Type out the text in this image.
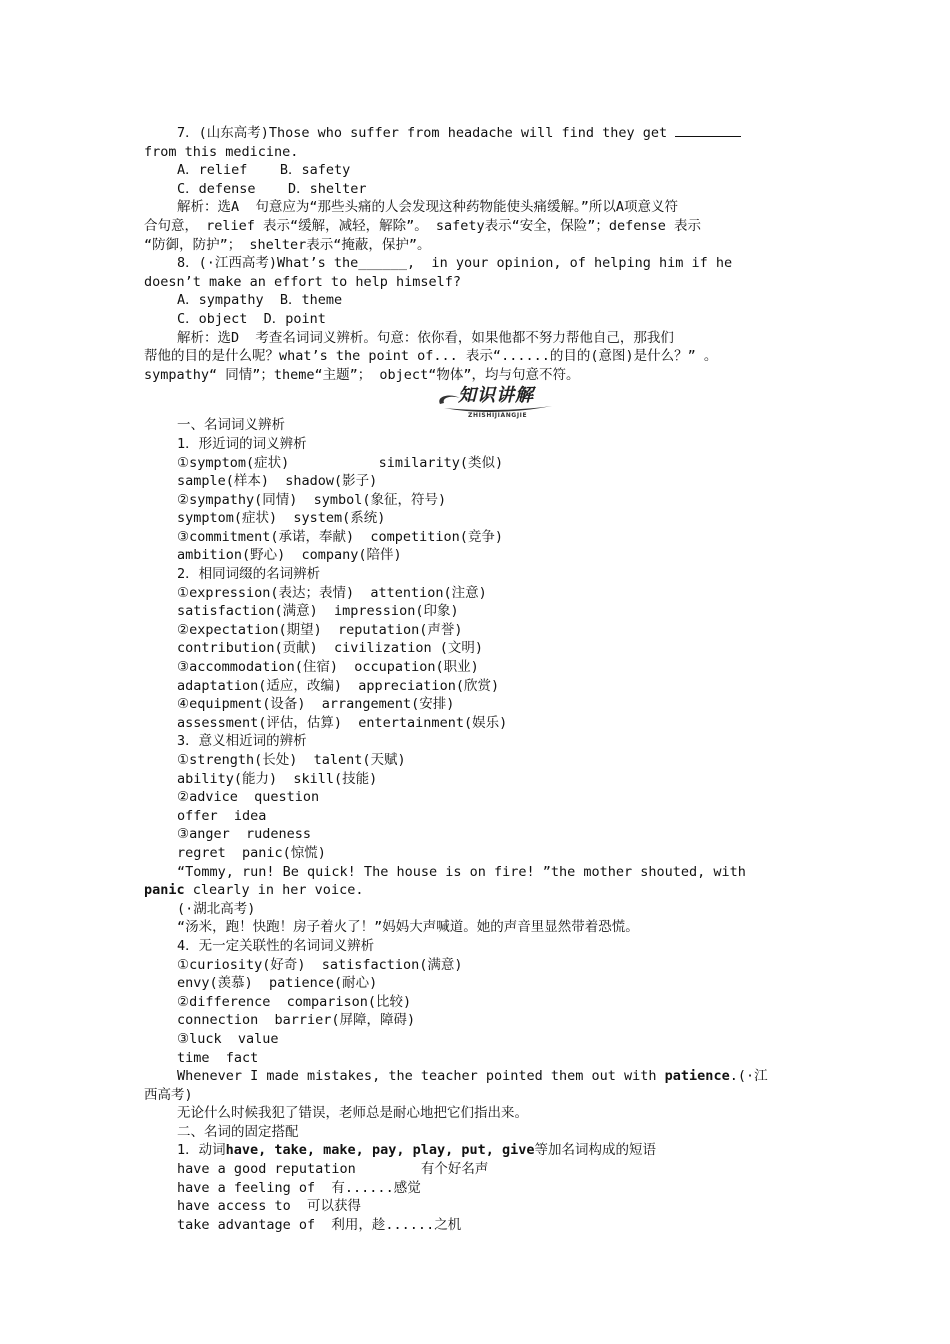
7．(山东高考)Those who suffer from headache will find they get
from this medicine.
A．relief    B．safety
C．defense    D．shelter
解析：选A  句意应为“那些头痛的人会发现这种药物能使头痛缓解。”所以A项意义符
合句意， relief 表示“缓解，减轻，解除”。 safety表示“安全，保险”；defense 表示
“防御，防护”； shelter表示“掩蔽，保护”。
8．(·江西高考)What’s the______,  in your opinion, of helping him if he
doesn’t make an effort to help himself?
A．sympathy  B．theme
C．object  D．point
解析：选D  考查名词词义辨析。句意：依你看，如果他都不努力帮他自己，那我们
帮他的目的是什么呢？what’s the point of... 表示“......的目的(意图)是什么？” 。
sympathy“ 同情”；theme“主题”； object“物体”，均与句意不符。
知识讲解
ZHISHIJIANGJIE
一、名词词义辨析
1．形近词的词义辨析
①symptom(症状)           similarity(类似)
sample(样本)  shadow(影子)
②sympathy(同情)  symbol(象征，符号)
symptom(症状)  system(系统)
③commitment(承诺，奉献)  competition(竞争)
ambition(野心)  company(陪伴)
2．相同词缀的名词辨析
①expression(表达；表情)  attention(注意)
satisfaction(满意)  impression(印象)
②expectation(期望)  reputation(声誉)
contribution(贡献)  civilization (文明)
③accommodation(住宿)  occupation(职业)
adaptation(适应，改编)  appreciation(欣赏)
④equipment(设备)  arrangement(安排)
assessment(评估，估算)  entertainment(娱乐)
3．意义相近词的辨析
①strength(长处)  talent(天赋)
ability(能力)  skill(技能)
②advice  question
offer  idea
③anger  rudeness
regret  panic(惊慌)
“Tommy, run! Be quick! The house is on fire! ”the mother shouted, with
panic clearly in her voice.
(·湖北高考)
“汤米，跑！快跑！房子着火了！”妈妈大声喊道。她的声音里显然带着恐慌。
4．无一定关联性的名词词义辨析
①curiosity(好奇)  satisfaction(满意)
envy(羡慕)  patience(耐心)
②difference  comparison(比较)
connection  barrier(屏障，障碍)
③luck  value
time  fact
Whenever I made mistakes, the teacher pointed them out with patience.(·江
西高考)
无论什么时候我犯了错误，老师总是耐心地把它们指出来。
二、名词的固定搭配
1．动词have, take, make, pay, play, put, give等加名词构成的短语
have a good reputation        有个好名声
have a feeling of  有......感觉
have access to  可以获得
take advantage of  利用，趁......之机
